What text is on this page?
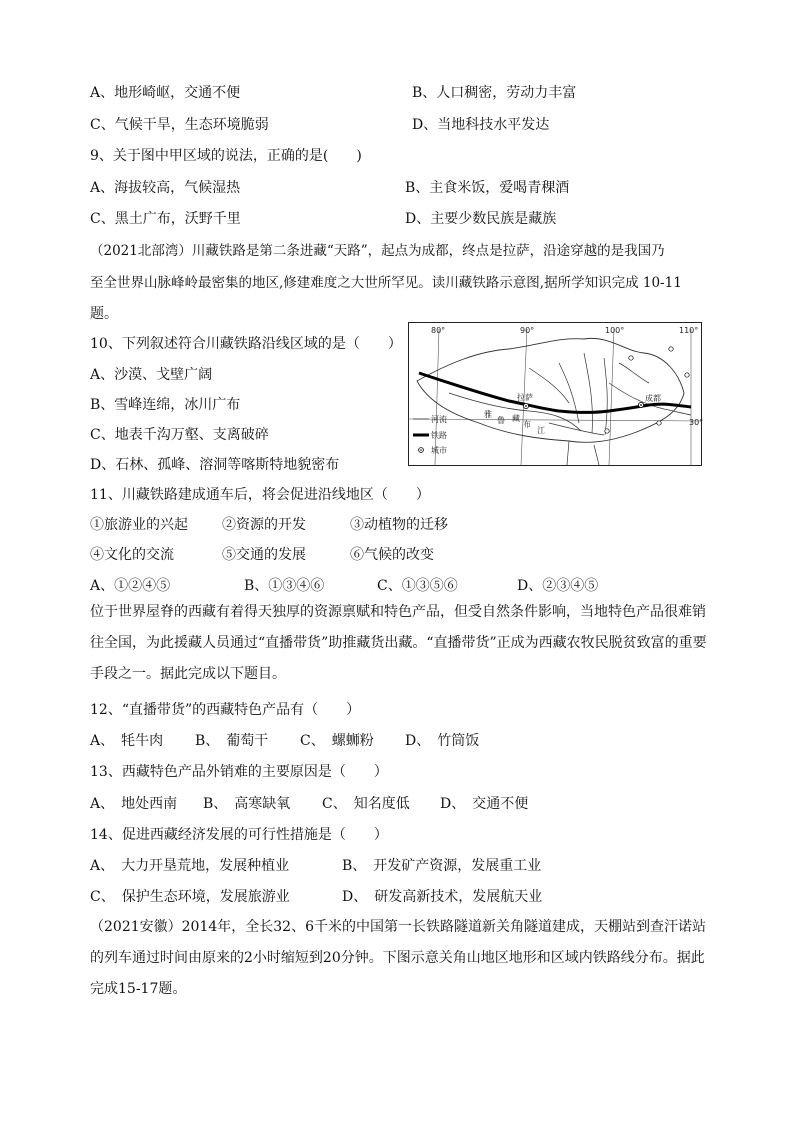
A、地形崎岖，交通不便	B、人口稠密，劳动力丰富
C、气候干旱，生态环境脆弱	D、当地科技水平发达
9、关于图中甲区域的说法，正确的是(　　)
A、海拔较高，气候湿热	B、主食米饭，爱喝青稞酒
C、黑土广布，沃野千里	D、主要少数民族是藏族
（2021北部湾）川藏铁路是第二条进藏“天路”，起点为成都，终点是拉萨，沿途穿越的是我国乃
至全世界山脉峰岭最密集的地区,修建难度之大世所罕见。读川藏铁路示意图,据所学知识完成 10-11
题。
10、下列叙述符合川藏铁路沿线区域的是（　　）
A、沙漠、戈壁广阔
B、雪峰连绵，冰川广布
C、地表千沟万壑、支离破碎
D、石林、孤峰、溶洞等喀斯特地貌密布
80°	90°	100°	110°
30°
拉萨	成都
雅
鲁 藏
布
江
河流
铁路
城市
11、川藏铁路建成通车后，将会促进沿线地区（　　）
①旅游业的兴起 ②资源的开发	③动植物的迁移
④文化的交流	⑤交通的发展	⑥气候的改变
A、①②④⑤	B、①③④⑥	C、①③⑤⑥	D、②③④⑤
位于世界屋脊的西藏有着得天独厚的资源禀赋和特色产品，但受自然条件影响，当地特色产品很难销往全国，为此援藏人员通过“直播带货”助推藏货出藏。“直播带货”正成为西藏农牧民脱贫致富的重要手段之一。据此完成以下题目。
12、“直播带货”的西藏特色产品有（　　）
A、　牦牛肉 B、　葡萄干 C、　螺蛳粉 D、　竹筒饭
13、西藏特色产品外销难的主要原因是（　　）
A、　地处西南 B、　高寒缺氧 C、　知名度低 D、　交通不便
14、促进西藏经济发展的可行性措施是（　　）
A、　大力开垦荒地，发展种植业	B、　开发矿产资源，发展重工业
C、　保护生态环境，发展旅游业	D、　研发高新技术，发展航天业
（2021安徽）2014年，全长32、6千米的中国第一长铁路隧道新关角隧道建成，天棚站到查汗诺站的列车通过时间由原来的2小时缩短到20分钟。下图示意关角山地区地形和区域内铁路线分布。据此完成15-17题。
